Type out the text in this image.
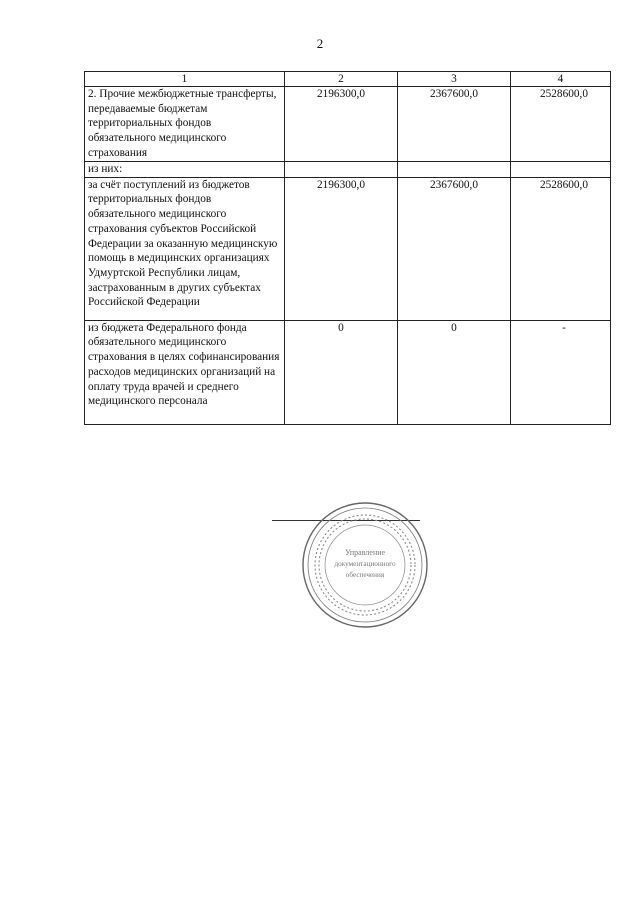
2
1	2	3	4
2. Прочие межбюджетные трансферты, передаваемые бюджетам территориальных фондов обязательного медицинского страхования	2196300,0	2367600,0	2528600,0
из них:			
за счёт поступлений из бюджетов территориальных фондов обязательного медицинского страхования субъектов Российской Федерации за оказанную медицинскую помощь в медицинских организациях Удмуртской Республики лицам, застрахованным в других субъектах Российской Федерации	2196300,0	2367600,0	2528600,0
из бюджета Федерального фонда обязательного медицинского страхования в целях софинансирования расходов медицинских организаций на оплату труда врачей и среднего медицинского персонала	0	0	-
Управление
документационного
обеспечения
